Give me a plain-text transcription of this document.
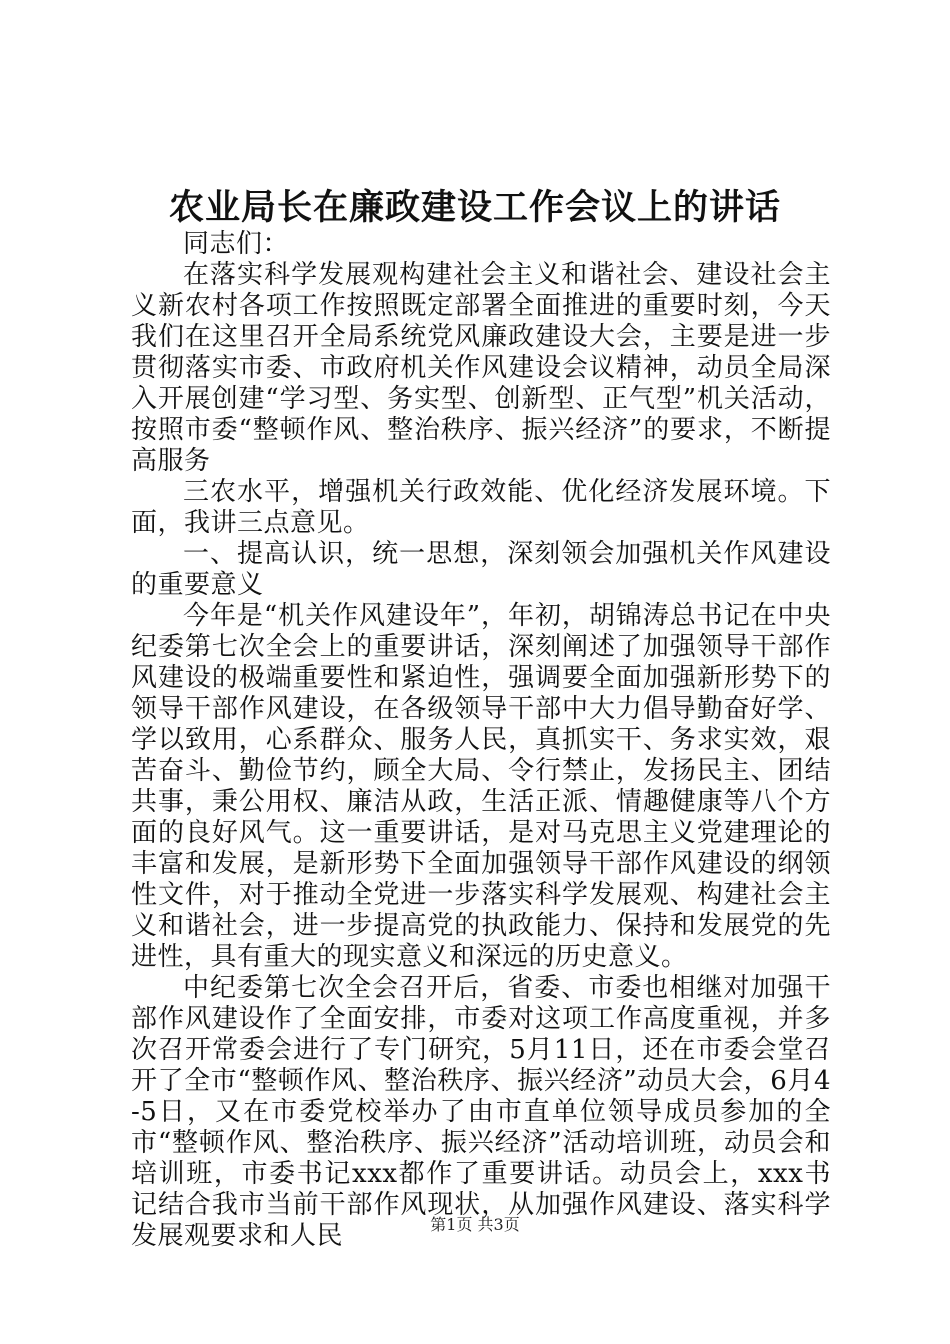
农业局长在廉政建设工作会议上的讲话

同志们：

在落实科学发展观构建社会主义和谐社会、建设社会主义新农村各项工作按照既定部署全面推进的重要时刻，今天我们在这里召开全局系统党风廉政建设大会，主要是进一步贯彻落实市委、市政府机关作风建设会议精神，动员全局深入开展创建“学习型、务实型、创新型、正气型”机关活动，按照市委“整顿作风、整治秩序、振兴经济”的要求，不断提高服务

三农水平，增强机关行政效能、优化经济发展环境。下面，我讲三点意见。

一、提高认识，统一思想，深刻领会加强机关作风建设的重要意义

今年是“机关作风建设年”，年初，胡锦涛总书记在中央纪委第七次全会上的重要讲话，深刻阐述了加强领导干部作风建设的极端重要性和紧迫性，强调要全面加强新形势下的领导干部作风建设，在各级领导干部中大力倡导勤奋好学、学以致用，心系群众、服务人民，真抓实干、务求实效，艰苦奋斗、勤俭节约，顾全大局、令行禁止，发扬民主、团结共事，秉公用权、廉洁从政，生活正派、情趣健康等八个方面的良好风气。这一重要讲话，是对马克思主义党建理论的丰富和发展，是新形势下全面加强领导干部作风建设的纲领性文件，对于推动全党进一步落实科学发展观、构建社会主义和谐社会，进一步提高党的执政能力、保持和发展党的先进性，具有重大的现实意义和深远的历史意义。

中纪委第七次全会召开后，省委、市委也相继对加强干部作风建设作了全面安排，市委对这项工作高度重视，并多次召开常委会进行了专门研究，5月11日，还在市委会堂召开了全市“整顿作风、整治秩序、振兴经济”动员大会，6月4-5日，又在市委党校举办了由市直单位领导成员参加的全市“整顿作风、整治秩序、振兴经济”活动培训班，动员会和培训班，市委书记xxx都作了重要讲话。动员会上，xxx书记结合我市当前干部作风现状，从加强作风建设、落实科学发展观要求和人民	第1页 共3页
